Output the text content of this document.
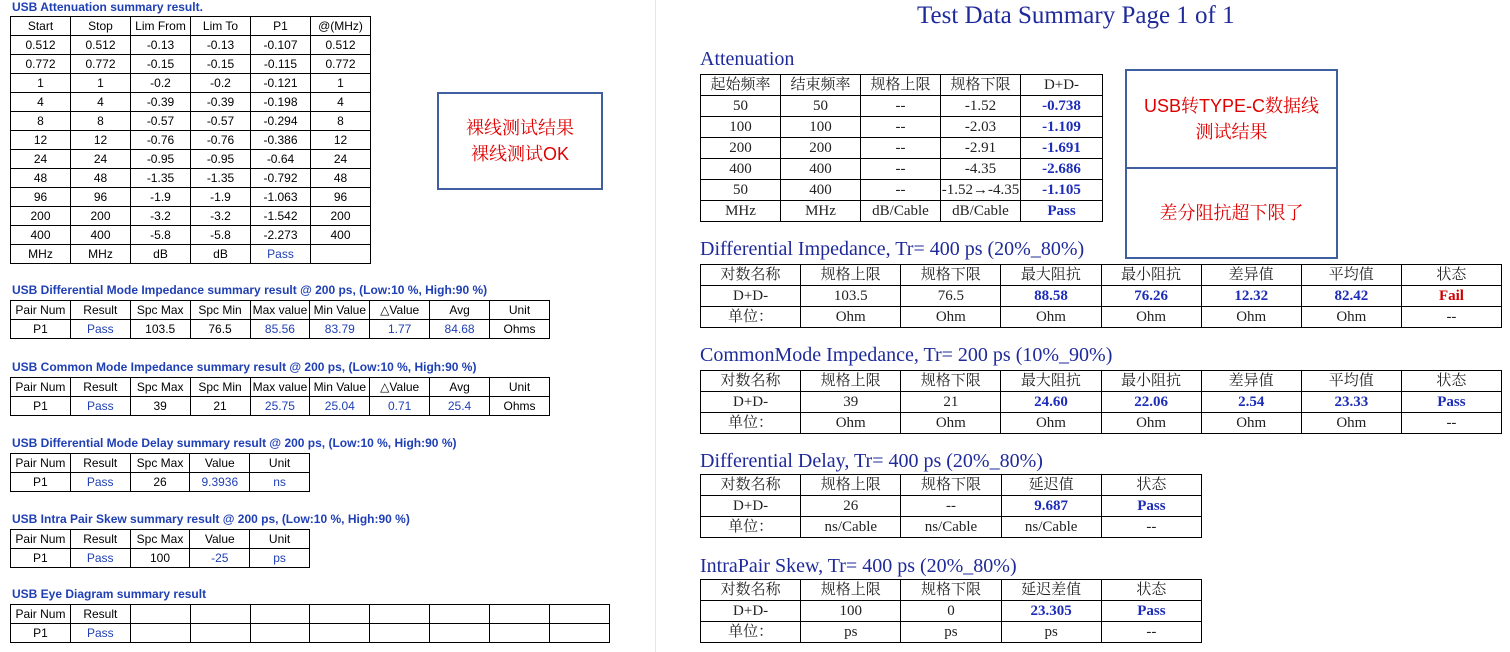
USB Attenuation summary result.
Start	Stop	Lim From	Lim To	P1	@(MHz)
0.512	0.512	-0.13	-0.13	-0.107	0.512
0.772	0.772	-0.15	-0.15	-0.115	0.772
1	1	-0.2	-0.2	-0.121	1
4	4	-0.39	-0.39	-0.198	4
8	8	-0.57	-0.57	-0.294	8
12	12	-0.76	-0.76	-0.386	12
24	24	-0.95	-0.95	-0.64	24
48	48	-1.35	-1.35	-0.792	48
96	96	-1.9	-1.9	-1.063	96
200	200	-3.2	-3.2	-1.542	200
400	400	-5.8	-5.8	-2.273	400
MHz	MHz	dB	dB	Pass	
裸线测试结果
裸线测试OK
USB Differential Mode Impedance summary result @ 200 ps, (Low:10 %, High:90 %)
Pair Num	Result	Spc Max	Spc Min	Max value	Min Value	△Value	Avg	Unit
P1	Pass	103.5	76.5	85.56	83.79	1.77	84.68	Ohms
USB Common Mode Impedance summary result @ 200 ps, (Low:10 %, High:90 %)
Pair Num	Result	Spc Max	Spc Min	Max value	Min Value	△Value	Avg	Unit
P1	Pass	39	21	25.75	25.04	0.71	25.4	Ohms
USB Differential Mode Delay summary result @ 200 ps, (Low:10 %, High:90 %)
Pair Num	Result	Spc Max	Value	Unit
P1	Pass	26	9.3936	ns
USB Intra Pair Skew summary result @ 200 ps, (Low:10 %, High:90 %)
Pair Num	Result	Spc Max	Value	Unit
P1	Pass	100	-25	ps
USB Eye Diagram summary result
Pair Num	Result								
P1	Pass								
Test Data Summary Page 1 of 1
Attenuation
起始频率	结束频率	规格上限	规格下限	D+D-
50	50	--	-1.52	-0.738
100	100	--	-2.03	-1.109
200	200	--	-2.91	-1.691
400	400	--	-4.35	-2.686
50	400	--	-1.52→-4.35	-1.105
MHz	MHz	dB/Cable	dB/Cable	Pass
USB转TYPE-C数据线
测试结果
差分阻抗超下限了
Differential Impedance, Tr= 400 ps (20%_80%)
对数名称	规格上限	规格下限	最大阻抗	最小阻抗	差异值	平均值	状态
D+D-	103.5	76.5	88.58	76.26	12.32	82.42	Fail
单位：	Ohm	Ohm	Ohm	Ohm	Ohm	Ohm	--
CommonMode Impedance, Tr= 200 ps (10%_90%)
对数名称	规格上限	规格下限	最大阻抗	最小阻抗	差异值	平均值	状态
D+D-	39	21	24.60	22.06	2.54	23.33	Pass
单位：	Ohm	Ohm	Ohm	Ohm	Ohm	Ohm	--
Differential Delay, Tr= 400 ps (20%_80%)
对数名称	规格上限	规格下限	延迟值	状态
D+D-	26	--	9.687	Pass
单位：	ns/Cable	ns/Cable	ns/Cable	--
IntraPair Skew, Tr= 400 ps (20%_80%)
对数名称	规格上限	规格下限	延迟差值	状态
D+D-	100	0	23.305	Pass
单位：	ps	ps	ps	--
